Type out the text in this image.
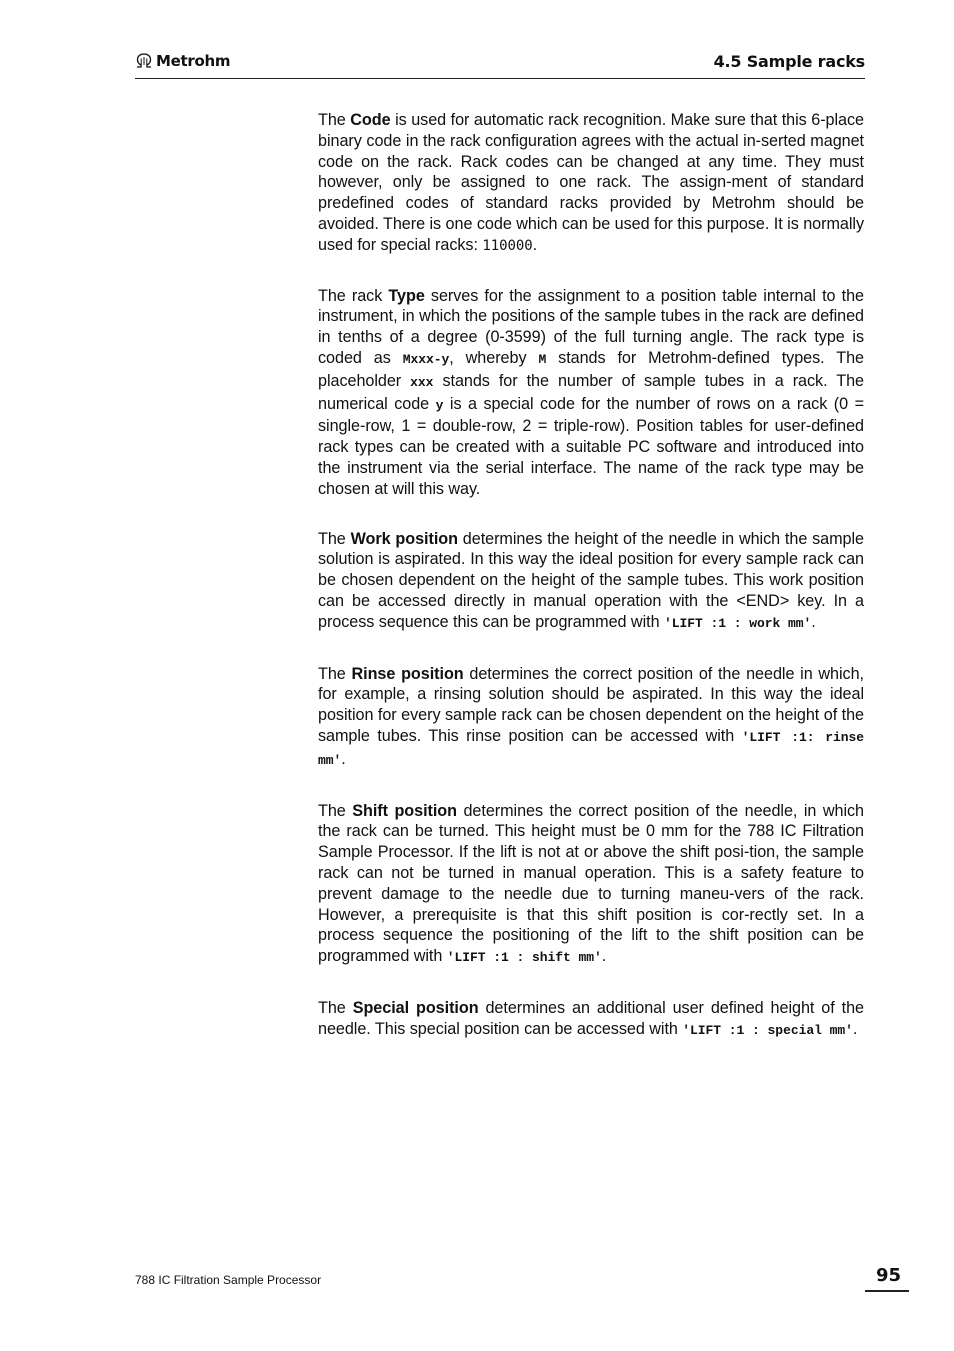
Metrohm	4.5 Sample racks

The Code is used for automatic rack recognition. Make sure that this 6-place binary code in the rack configuration agrees with the actual in-serted magnet code on the rack. Rack codes can be changed at any time. They must however, only be assigned to one rack. The assign-ment of standard predefined codes of standard racks provided by Metrohm should be avoided. There is one code which can be used for this purpose. It is normally used for special racks: 110000.

The rack Type serves for the assignment to a position table internal to the instrument, in which the positions of the sample tubes in the rack are defined in tenths of a degree (0-3599) of the full turning angle. The rack type is coded as Mxxx-y, whereby M stands for Metrohm-defined types. The placeholder xxx stands for the number of sample tubes in a rack. The numerical code y is a special code for the number of rows on a rack (0 = single-row, 1 = double-row, 2 = triple-row). Position tables for user-defined rack types can be created with a suitable PC software and introduced into the instrument via the serial interface. The name of the rack type may be chosen at will this way.

The Work position determines the height of the needle in which the sample solution is aspirated. In this way the ideal position for every sample rack can be chosen dependent on the height of the sample tubes. This work position can be accessed directly in manual operation with the <END> key. In a process sequence this can be programmed with 'LIFT :1 : work mm'.

The Rinse position determines the correct position of the needle in which, for example, a rinsing solution should be aspirated. In this way the ideal position for every sample rack can be chosen dependent on the height of the sample tubes. This rinse position can be accessed with 'LIFT :1: rinse mm'.

The Shift position determines the correct position of the needle, in which the rack can be turned. This height must be 0 mm for the 788 IC Filtration Sample Processor. If the lift is not at or above the shift posi-tion, the sample rack can not be turned in manual operation. This is a safety feature to prevent damage to the needle due to turning maneu-vers of the rack. However, a prerequisite is that this shift position is cor-rectly set. In a process sequence the positioning of the lift to the shift position can be programmed with 'LIFT :1 : shift mm'.

The Special position determines an additional user defined height of the needle. This special position can be accessed with 'LIFT :1 : special mm'.

788 IC Filtration Sample Processor	95
